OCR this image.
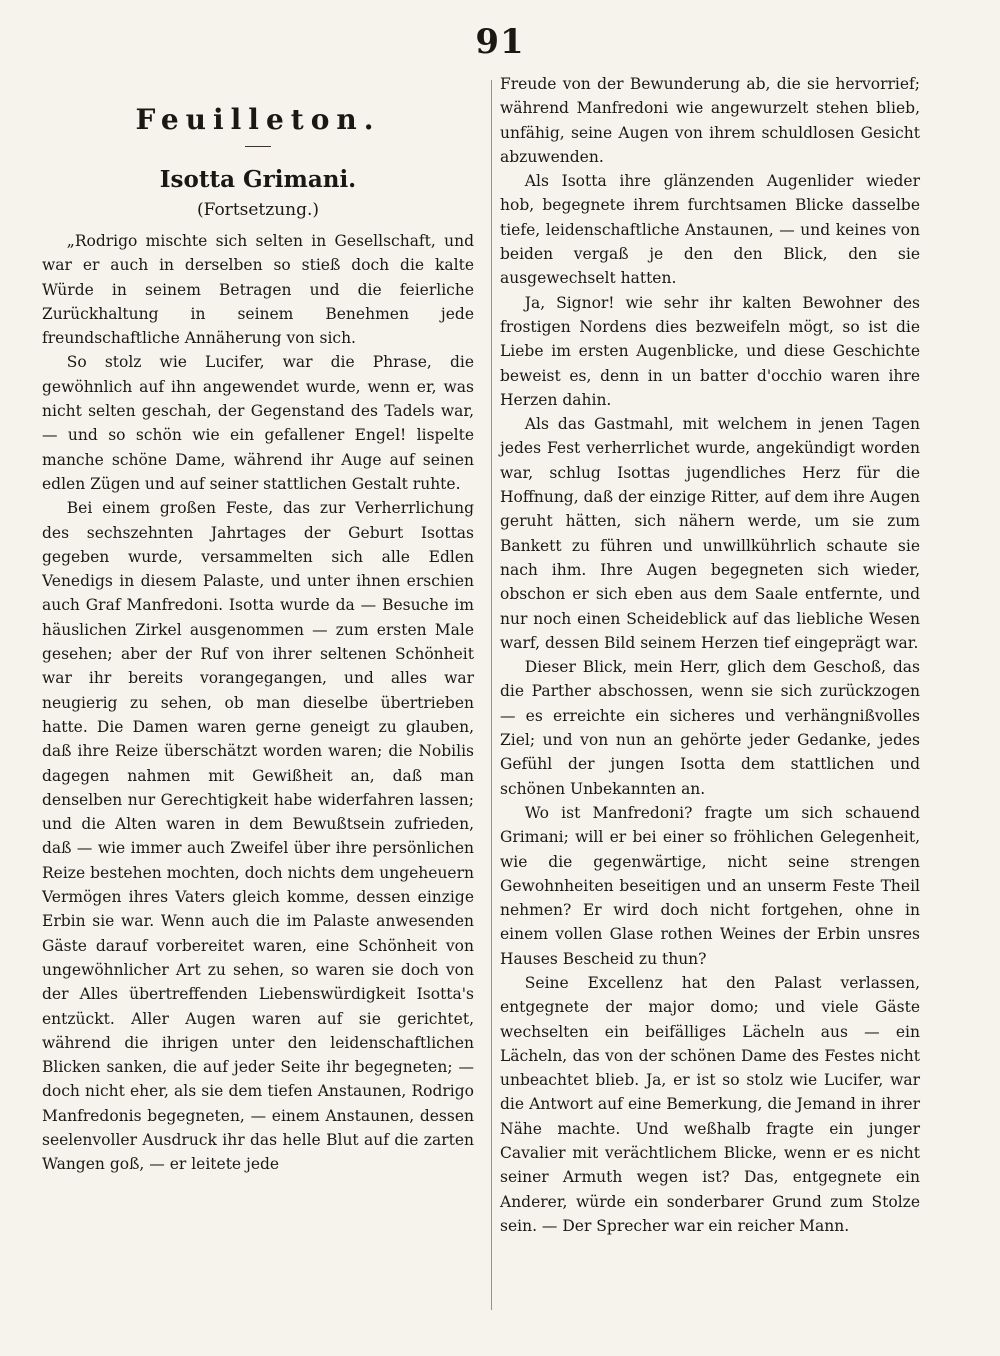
91
Feuilleton.
Isotta Grimani.
(Fortsetzung.)

„Rodrigo mischte sich selten in Gesellschaft, und war er auch in derselben so stieß doch die kalte Würde in seinem Betragen und die feierliche Zurückhaltung in seinem Benehmen jede freundschaftliche Annäherung von sich.

So stolz wie Lucifer, war die Phrase, die gewöhnlich auf ihn angewendet wurde, wenn er, was nicht selten geschah, der Gegenstand des Tadels war, — und so schön wie ein gefallener Engel! lispelte manche schöne Dame, während ihr Auge auf seinen edlen Zügen und auf seiner stattlichen Gestalt ruhte.

Bei einem großen Feste, das zur Verherrlichung des sechszehnten Jahrtages der Geburt Isottas gegeben wurde, versammelten sich alle Edlen Venedigs in diesem Palaste, und unter ihnen erschien auch Graf Manfredoni. Isotta wurde da — Besuche im häuslichen Zirkel ausgenommen — zum ersten Male gesehen; aber der Ruf von ihrer seltenen Schönheit war ihr bereits vorangegangen, und alles war neugierig zu sehen, ob man dieselbe übertrieben hatte. Die Damen waren gerne geneigt zu glauben, daß ihre Reize überschätzt worden waren; die Nobilis dagegen nahmen mit Gewißheit an, daß man denselben nur Gerechtigkeit habe widerfahren lassen; und die Alten waren in dem Bewußtsein zufrieden, daß — wie immer auch Zweifel über ihre persönlichen Reize bestehen mochten, doch nichts dem ungeheuern Vermögen ihres Vaters gleich komme, dessen einzige Erbin sie war. Wenn auch die im Palaste anwesenden Gäste darauf vorbereitet waren, eine Schönheit von ungewöhnlicher Art zu sehen, so waren sie doch von der Alles übertreffenden Liebenswürdigkeit Isotta's entzückt. Aller Augen waren auf sie gerichtet, während die ihrigen unter den leidenschaftlichen Blicken sanken, die auf jeder Seite ihr begegneten; — doch nicht eher, als sie dem tiefen Anstaunen, Rodrigo Manfredonis begegneten, — einem Anstaunen, dessen seelenvoller Ausdruck ihr das helle Blut auf die zarten Wangen goß, — er leitete jede

Freude von der Bewunderung ab, die sie hervorrief; während Manfredoni wie angewurzelt stehen blieb, unfähig, seine Augen von ihrem schuldlosen Gesicht abzuwenden.

Als Isotta ihre glänzenden Augenlider wieder hob, begegnete ihrem furchtsamen Blicke dasselbe tiefe, leidenschaftliche Anstaunen, — und keines von beiden vergaß je den den Blick, den sie ausgewechselt hatten.

Ja, Signor! wie sehr ihr kalten Bewohner des frostigen Nordens dies bezweifeln mögt, so ist die Liebe im ersten Augenblicke, und diese Geschichte beweist es, denn in un batter d'occhio waren ihre Herzen dahin.

Als das Gastmahl, mit welchem in jenen Tagen jedes Fest verherrlichet wurde, angekündigt worden war, schlug Isottas jugendliches Herz für die Hoffnung, daß der einzige Ritter, auf dem ihre Augen geruht hätten, sich nähern werde, um sie zum Bankett zu führen und unwillkührlich schaute sie nach ihm. Ihre Augen begegneten sich wieder, obschon er sich eben aus dem Saale entfernte, und nur noch einen Scheideblick auf das liebliche Wesen warf, dessen Bild seinem Herzen tief eingeprägt war.

Dieser Blick, mein Herr, glich dem Geschoß, das die Parther abschossen, wenn sie sich zurückzogen — es erreichte ein sicheres und verhängnißvolles Ziel; und von nun an gehörte jeder Gedanke, jedes Gefühl der jungen Isotta dem stattlichen und schönen Unbekannten an.

Wo ist Manfredoni? fragte um sich schauend Grimani; will er bei einer so fröhlichen Gelegenheit, wie die gegenwärtige, nicht seine strengen Gewohnheiten beseitigen und an unserm Feste Theil nehmen? Er wird doch nicht fortgehen, ohne in einem vollen Glase rothen Weines der Erbin unsres Hauses Bescheid zu thun?

Seine Excellenz hat den Palast verlassen, entgegnete der major domo; und viele Gäste wechselten ein beifälliges Lächeln aus — ein Lächeln, das von der schönen Dame des Festes nicht unbeachtet blieb. Ja, er ist so stolz wie Lucifer, war die Antwort auf eine Bemerkung, die Jemand in ihrer Nähe machte. Und weßhalb fragte ein junger Cavalier mit verächtlichem Blicke, wenn er es nicht seiner Armuth wegen ist? Das, entgegnete ein Anderer, würde ein sonderbarer Grund zum Stolze sein. — Der Sprecher war ein reicher Mann.
